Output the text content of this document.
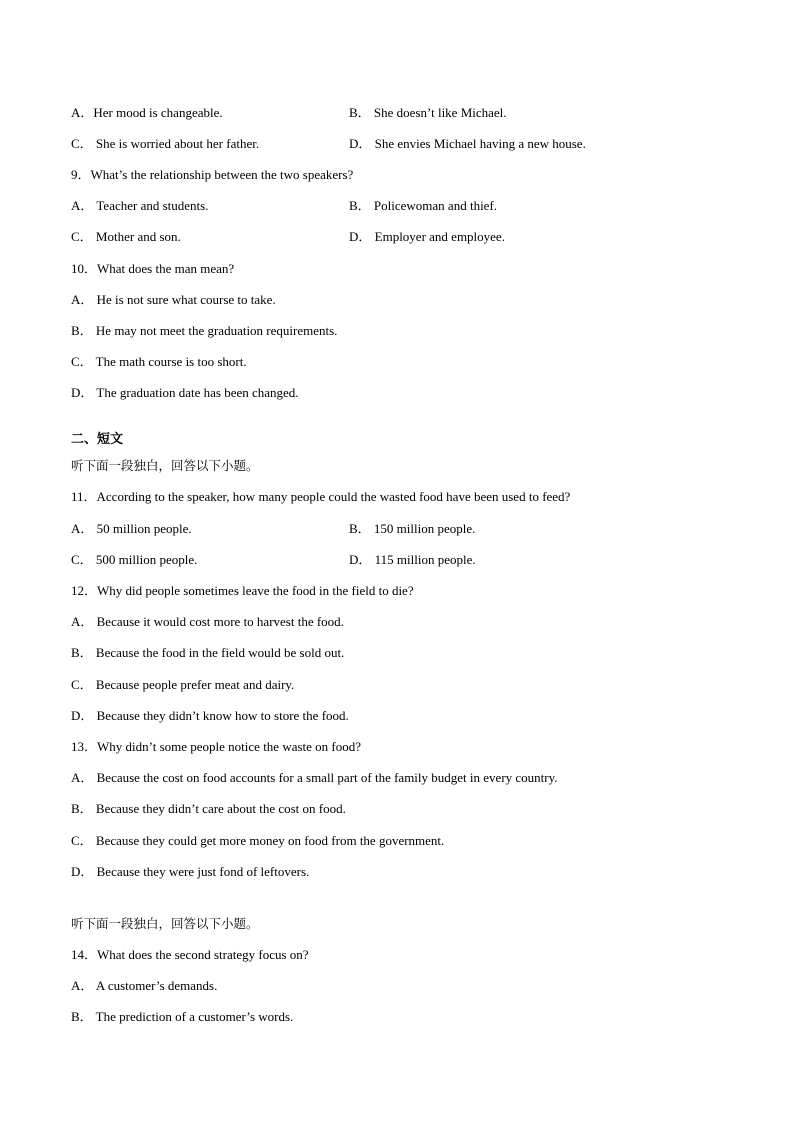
A．Her mood is changeable.	B． She doesn’t like Michael.
C． She is worried about her father.	D． She envies Michael having a new house.
9．What’s the relationship between the two speakers?
A． Teacher and students.	B． Policewoman and thief.
C． Mother and son.	D． Employer and employee.
10．What does the man mean?
A． He is not sure what course to take.
B． He may not meet the graduation requirements.
C． The math course is too short.
D． The graduation date has been changed.
二、短文
听下面一段独白，回答以下小题。
11．According to the speaker, how many people could the wasted food have been used to feed?
A． 50 million people.	B． 150 million people.
C． 500 million people.	D． 115 million people.
12．Why did people sometimes leave the food in the field to die?
A． Because it would cost more to harvest the food.
B． Because the food in the field would be sold out.
C． Because people prefer meat and dairy.
D． Because they didn’t know how to store the food.
13．Why didn’t some people notice the waste on food?
A． Because the cost on food accounts for a small part of the family budget in every country.
B． Because they didn’t care about the cost on food.
C． Because they could get more money on food from the government.
D． Because they were just fond of leftovers.
听下面一段独白，回答以下小题。
14．What does the second strategy focus on?
A． A customer’s demands.
B． The prediction of a customer’s words.
